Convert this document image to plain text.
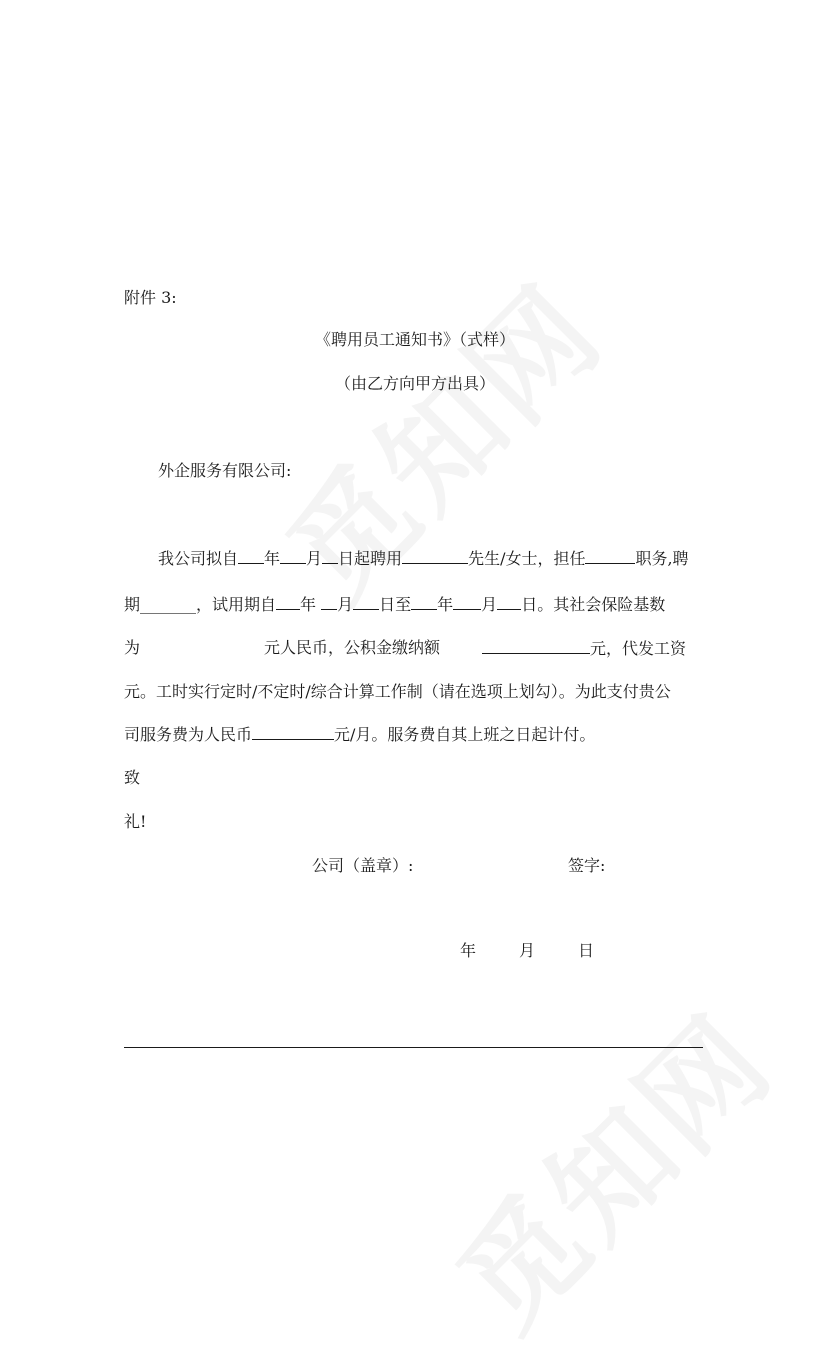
附件 3:
《聘用员工通知书》（式样）
（由乙方向甲方出具）
外企服务有限公司:
我公司拟自 年 月 日起聘用	先生/女士，担任	职务,聘
期_______，试用期自 年 月 日至 年 月 日。其社会保险基数
为	元人民币，公积金缴纳额	元，代发工资
元。工时实行定时/不定时/综合计算工作制（请在选项上划勾）。为此支付贵公
司服务费为人民币	元/月。服务费自其上班之日起计付。
致
礼!
公司（盖章）:	签字:
年	月	日
